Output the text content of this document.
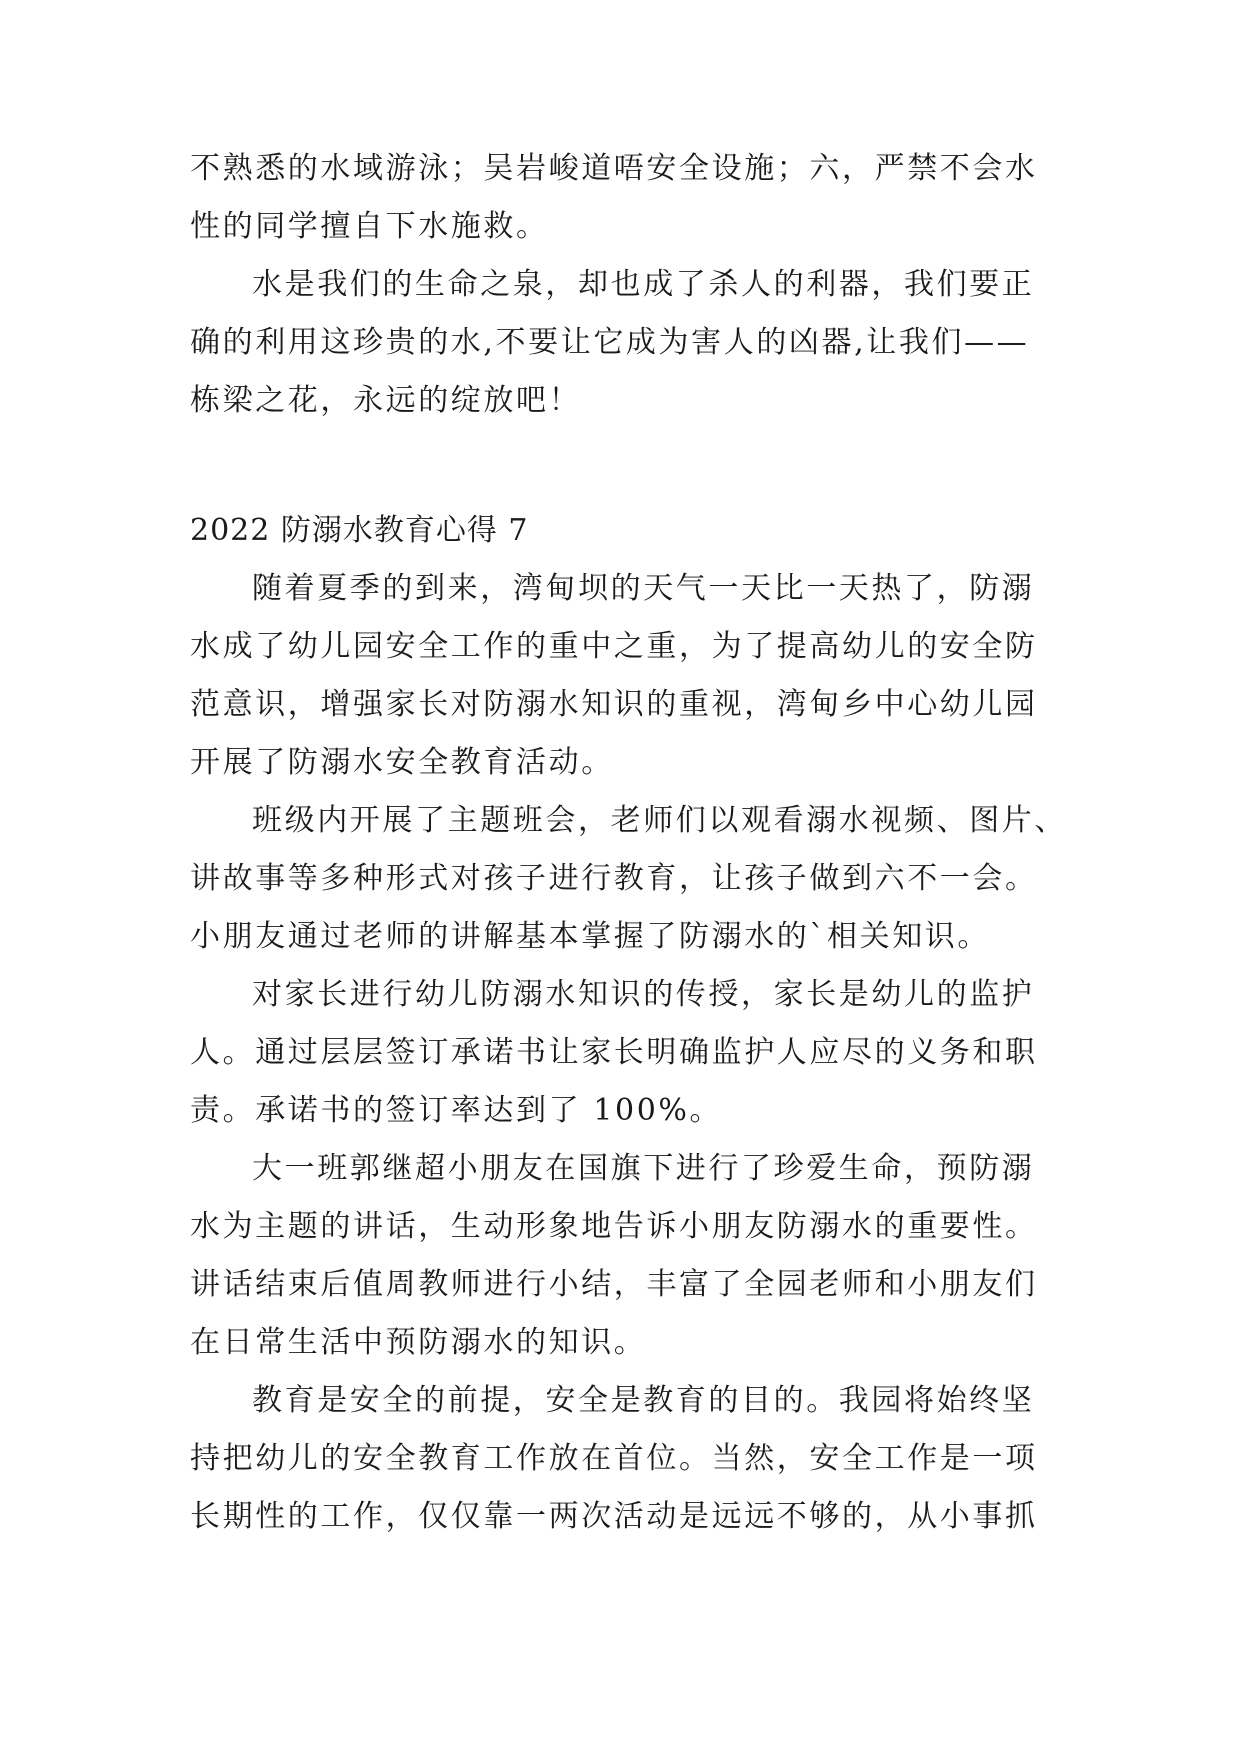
不熟悉的水域游泳；吴岩峻道唔安全设施；六，严禁不会水
性的同学擅自下水施救。
水是我们的生命之泉，却也成了杀人的利器，我们要正
确的利用这珍贵的水,不要让它成为害人的凶器,让我们——
栋梁之花，永远的绽放吧！
2022 防溺水教育心得 7
随着夏季的到来，湾甸坝的天气一天比一天热了，防溺
水成了幼儿园安全工作的重中之重，为了提高幼儿的安全防
范意识，增强家长对防溺水知识的重视，湾甸乡中心幼儿园
开展了防溺水安全教育活动。
班级内开展了主题班会，老师们以观看溺水视频、图片、
讲故事等多种形式对孩子进行教育，让孩子做到六不一会。
小朋友通过老师的讲解基本掌握了防溺水的`相关知识。
对家长进行幼儿防溺水知识的传授，家长是幼儿的监护
人。通过层层签订承诺书让家长明确监护人应尽的义务和职
责。承诺书的签订率达到了 100%。
大一班郭继超小朋友在国旗下进行了珍爱生命，预防溺
水为主题的讲话，生动形象地告诉小朋友防溺水的重要性。
讲话结束后值周教师进行小结，丰富了全园老师和小朋友们
在日常生活中预防溺水的知识。
教育是安全的前提，安全是教育的目的。我园将始终坚
持把幼儿的安全教育工作放在首位。当然，安全工作是一项
长期性的工作，仅仅靠一两次活动是远远不够的，从小事抓
